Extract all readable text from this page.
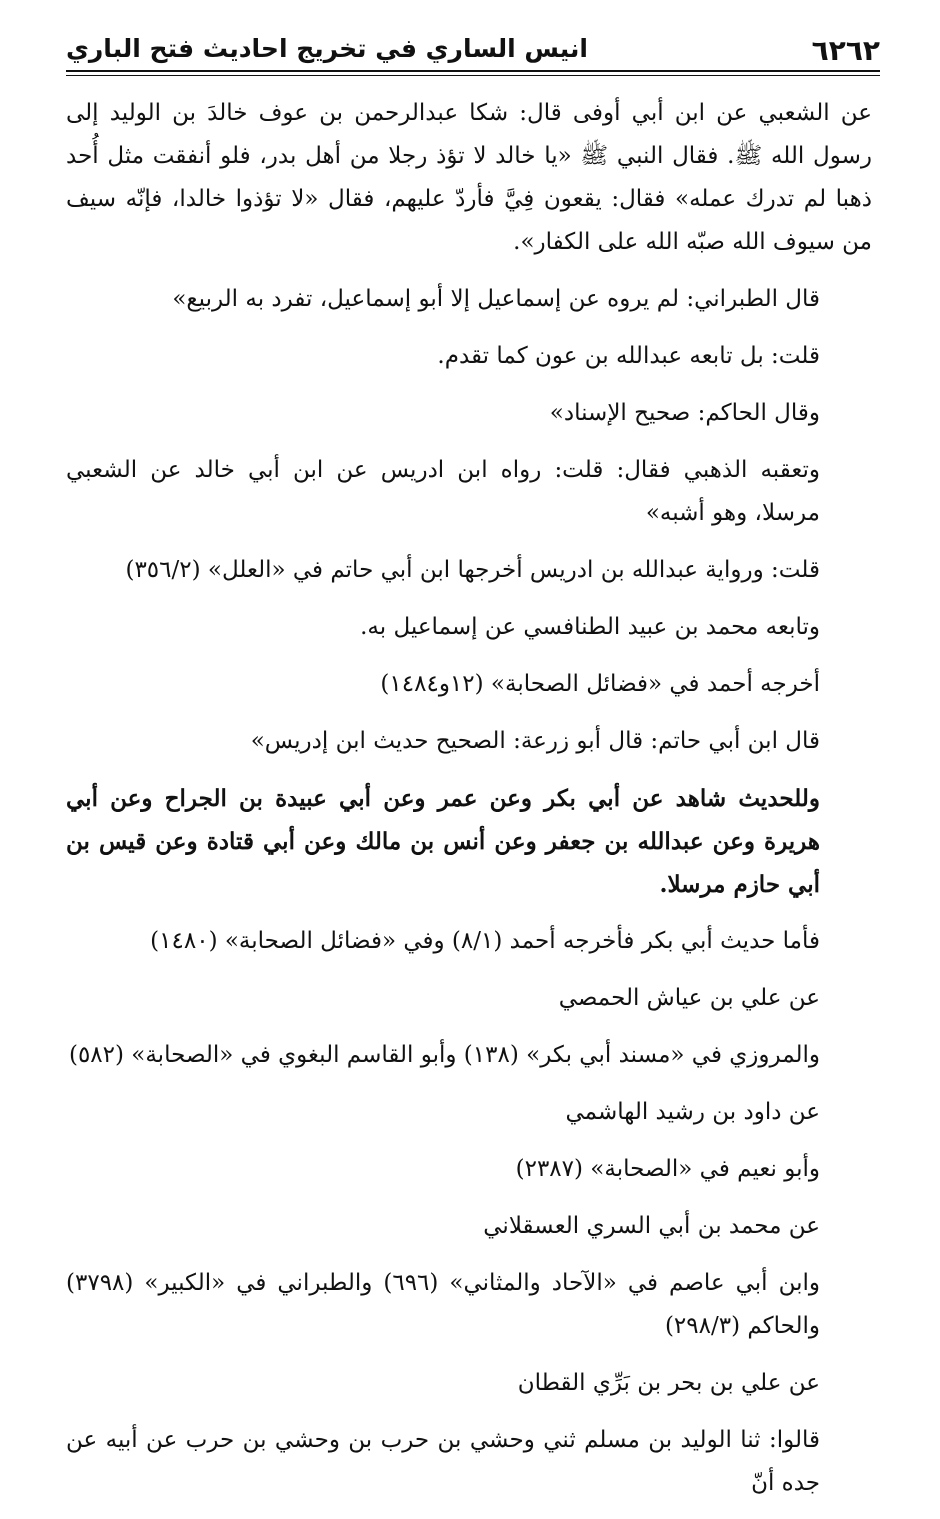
٦٢٦٢
انيس الساري في تخريج احاديث فتح الباري

عن الشعبي عن ابن أبي أوفى قال: شكا عبدالرحمن بن عوف خالدَ بن الوليد إلى رسول الله ﷺ. فقال النبي ﷺ «يا خالد لا تؤذ رجلا من أهل بدر، فلو أنفقت مثل أُحد ذهبا لم تدرك عمله» فقال: يقعون فِيَّ فأردّ عليهم، فقال «لا تؤذوا خالدا، فإنّه سيف من سيوف الله صبّه الله على الكفار».

قال الطبراني: لم يروه عن إسماعيل إلا أبو إسماعيل، تفرد به الربيع»

قلت: بل تابعه عبدالله بن عون كما تقدم.

وقال الحاكم: صحيح الإسناد»

وتعقبه الذهبي فقال: قلت: رواه ابن ادريس عن ابن أبي خالد عن الشعبي مرسلا، وهو أشبه»

قلت: ورواية عبدالله بن ادريس أخرجها ابن أبي حاتم في «العلل» (٣٥٦/٢)

وتابعه محمد بن عبيد الطنافسي عن إسماعيل به.

أخرجه أحمد في «فضائل الصحابة» (١٢و١٤٨٤)

قال ابن أبي حاتم: قال أبو زرعة: الصحيح حديث ابن إدريس»

وللحديث شاهد عن أبي بكر وعن عمر وعن أبي عبيدة بن الجراح وعن أبي هريرة وعن عبدالله بن جعفر وعن أنس بن مالك وعن أبي قتادة وعن قيس بن أبي حازم مرسلا.

فأما حديث أبي بكر فأخرجه أحمد (٨/١) وفي «فضائل الصحابة» (١٤٨٠)

عن علي بن عياش الحمصي

والمروزي في «مسند أبي بكر» (١٣٨) وأبو القاسم البغوي في «الصحابة» (٥٨٢)

عن داود بن رشيد الهاشمي

وأبو نعيم في «الصحابة» (٢٣٨٧)

عن محمد بن أبي السري العسقلاني

وابن أبي عاصم في «الآحاد والمثاني» (٦٩٦) والطبراني في «الكبير» (٣٧٩٨) والحاكم (٢٩٨/٣)

عن علي بن بحر بن بَرِّي القطان

قالوا: ثنا الوليد بن مسلم ثني وحشي بن حرب بن وحشي بن حرب عن أبيه عن جده أنّ
